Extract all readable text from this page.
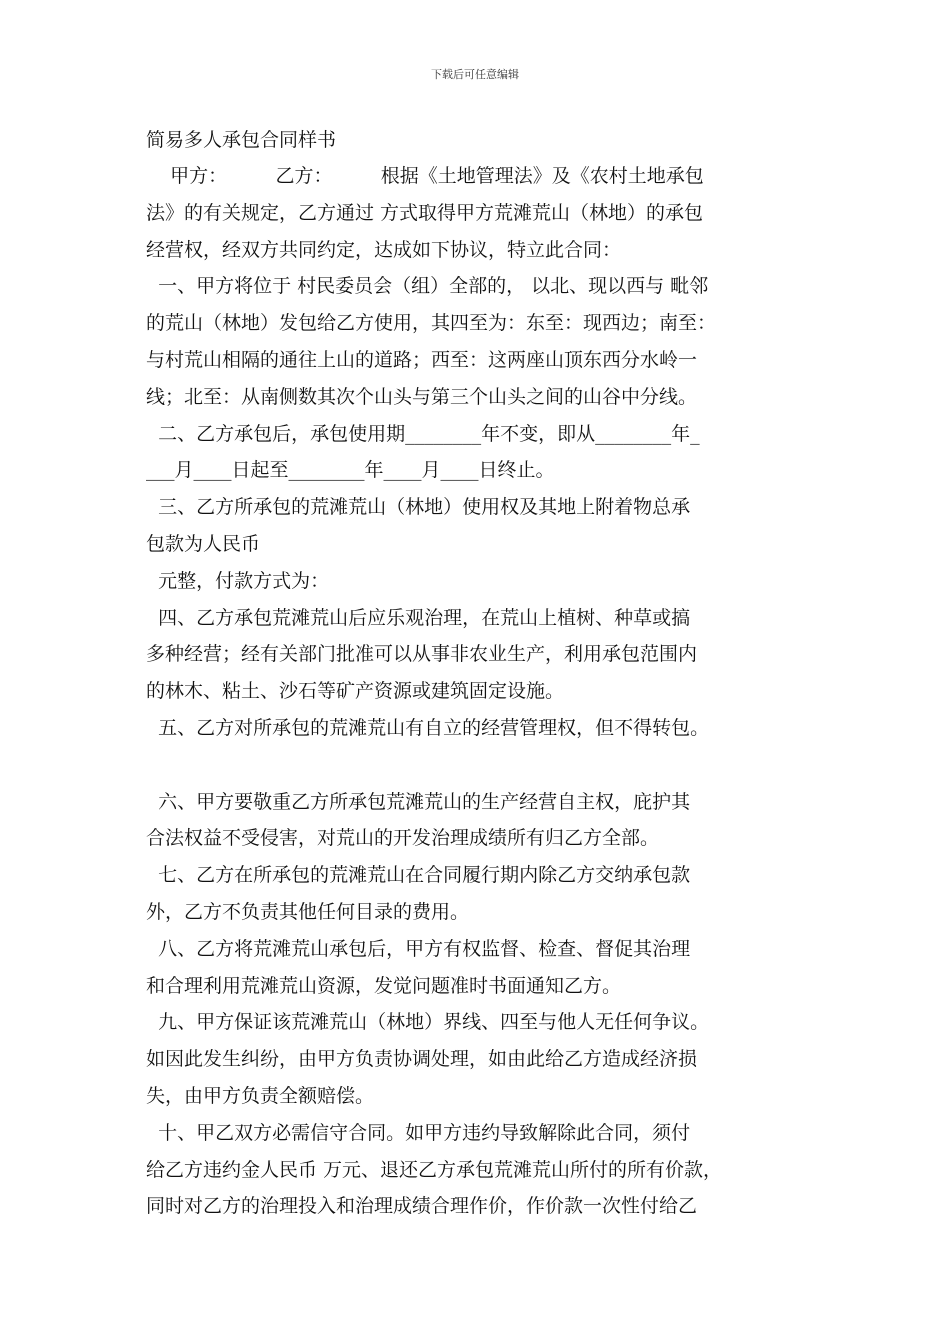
下载后可任意编辑
简易多人承包合同样书
甲方：        乙方：        根据《土地管理法》及《农村土地承包
法》的有关规定，乙方通过 方式取得甲方荒滩荒山（林地）的承包
经营权，经双方共同约定，达成如下协议，特立此合同：
一、甲方将位于 村民委员会（组）全部的， 以北、现以西与 毗邻
的荒山（林地）发包给乙方使用，其四至为：东至：现西边；南至：
与村荒山相隔的通往上山的道路；西至：这两座山顶东西分水岭一
线；北至：从南侧数其次个山头与第三个山头之间的山谷中分线。
二、乙方承包后，承包使用期________年不变，即从________年_
___月____日起至________年____月____日终止。
三、乙方所承包的荒滩荒山（林地）使用权及其地上附着物总承
包款为人民币
元整，付款方式为：
四、乙方承包荒滩荒山后应乐观治理，在荒山上植树、种草或搞
多种经营；经有关部门批准可以从事非农业生产，利用承包范围内
的林木、粘土、沙石等矿产资源或建筑固定设施。
五、乙方对所承包的荒滩荒山有自立的经营管理权，但不得转包。
六、甲方要敬重乙方所承包荒滩荒山的生产经营自主权，庇护其
合法权益不受侵害，对荒山的开发治理成绩所有归乙方全部。
七、乙方在所承包的荒滩荒山在合同履行期内除乙方交纳承包款
外，乙方不负责其他任何目录的费用。
八、乙方将荒滩荒山承包后，甲方有权监督、检查、督促其治理
和合理利用荒滩荒山资源，发觉问题准时书面通知乙方。
九、甲方保证该荒滩荒山（林地）界线、四至与他人无任何争议。
如因此发生纠纷，由甲方负责协调处理，如由此给乙方造成经济损
失，由甲方负责全额赔偿。
十、甲乙双方必需信守合同。如甲方违约导致解除此合同，须付
给乙方违约金人民币 万元、退还乙方承包荒滩荒山所付的所有价款，
同时对乙方的治理投入和治理成绩合理作价，作价款一次性付给乙
